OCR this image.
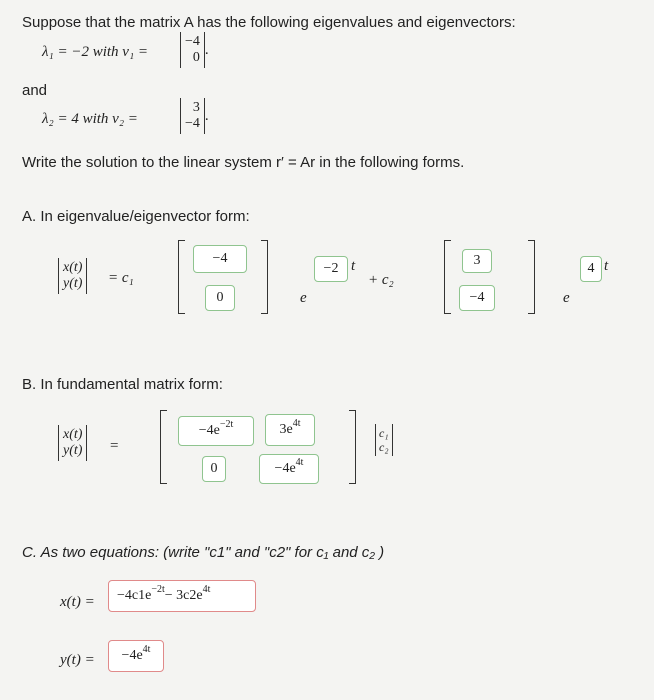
Suppose that the matrix A has the following eigenvalues and eigenvectors:
λ₁ = −2 with v₁ =
−4
0 .
and
λ₂ = 4 with v₂ =
3
−4 .
Write the solution to the linear system r′ = Ar in the following forms.
A. In eigenvalue/eigenvector form:
x(t)
y(t) = c₁
−4
0	e
−2 t
+ c₂
3
−4	e
4 t
B. In fundamental matrix form:
x(t)
y(t) =
−4e −2t	3e 4t
0	−4e 4t
c₁
c₂
C. As two equations: (write "c1" and "c2" for c₁ and c₂ )
x(t) = −4c1e −2t − 3c2e 4t
y(t) = −4e 4t
